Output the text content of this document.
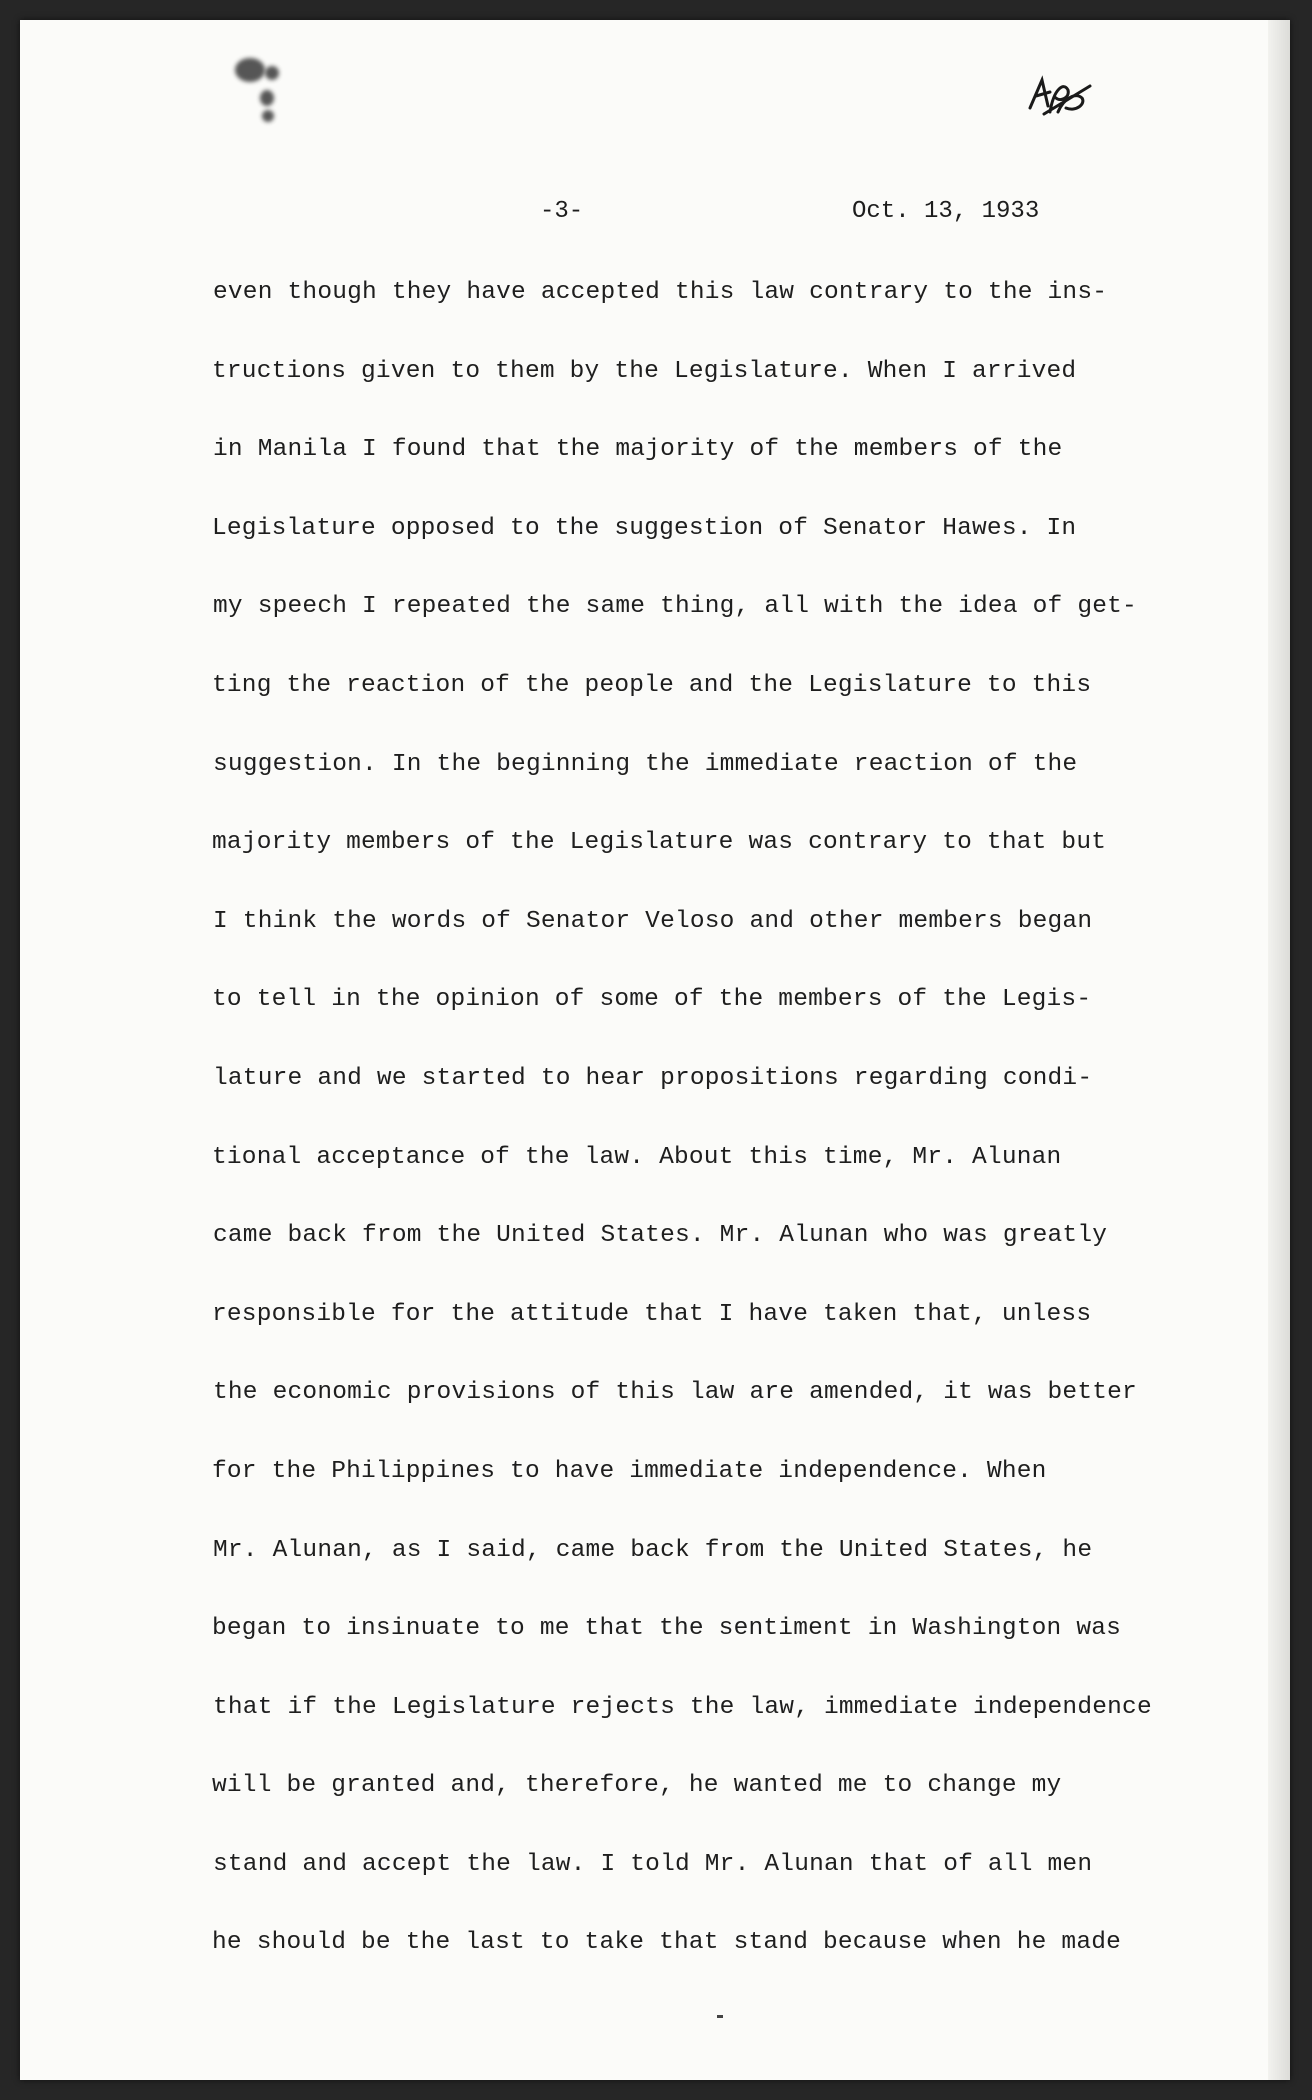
-3-	Oct. 13, 1933
even though they have accepted this law contrary to the ins-
tructions given to them by the Legislature. When I arrived
in Manila I found that the majority of the members of the
Legislature opposed to the suggestion of Senator Hawes. In
my speech I repeated the same thing, all with the idea of get-
ting the reaction of the people and the Legislature to this
suggestion. In the beginning the immediate reaction of the
majority members of the Legislature was contrary to that but
I think the words of Senator Veloso and other members began
to tell in the opinion of some of the members of the Legis-
lature and we started to hear propositions regarding condi-
tional acceptance of the law. About this time, Mr. Alunan
came back from the United States. Mr. Alunan who was greatly
responsible for the attitude that I have taken that, unless
the economic provisions of this law are amended, it was better
for the Philippines to have immediate independence. When
Mr. Alunan, as I said, came back from the United States, he
began to insinuate to me that the sentiment in Washington was
that if the Legislature rejects the law, immediate independence
will be granted and, therefore, he wanted me to change my
stand and accept the law. I told Mr. Alunan that of all men
he should be the last to take that stand because when he made
